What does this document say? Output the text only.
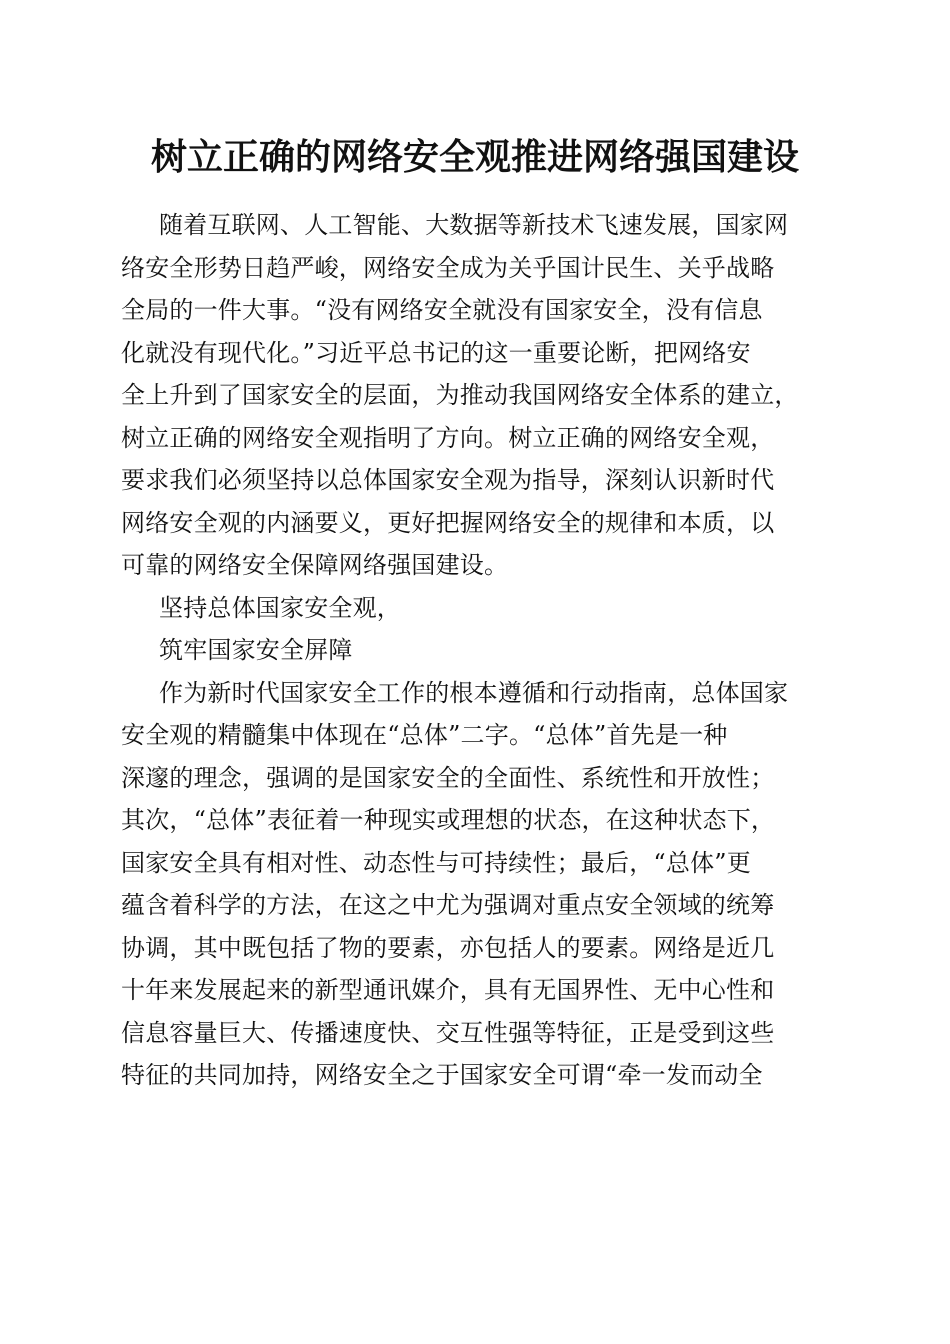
树立正确的网络安全观推进网络强国建设
随着互联网、人工智能、大数据等新技术飞速发展，国家网
络安全形势日趋严峻，网络安全成为关乎国计民生、关乎战略
全局的一件大事。“没有网络安全就没有国家安全，没有信息
化就没有现代化。”习近平总书记的这一重要论断，把网络安
全上升到了国家安全的层面，为推动我国网络安全体系的建立，
树立正确的网络安全观指明了方向。树立正确的网络安全观，
要求我们必须坚持以总体国家安全观为指导，深刻认识新时代
网络安全观的内涵要义，更好把握网络安全的规律和本质，以
可靠的网络安全保障网络强国建设。
坚持总体国家安全观，
筑牢国家安全屏障
作为新时代国家安全工作的根本遵循和行动指南，总体国家
安全观的精髓集中体现在“总体”二字。“总体”首先是一种
深邃的理念，强调的是国家安全的全面性、系统性和开放性；
其次，“总体”表征着一种现实或理想的状态，在这种状态下，
国家安全具有相对性、动态性与可持续性；最后，“总体”更
蕴含着科学的方法，在这之中尤为强调对重点安全领域的统筹
协调，其中既包括了物的要素，亦包括人的要素。网络是近几
十年来发展起来的新型通讯媒介，具有无国界性、无中心性和
信息容量巨大、传播速度快、交互性强等特征，正是受到这些
特征的共同加持，网络安全之于国家安全可谓“牵一发而动全
